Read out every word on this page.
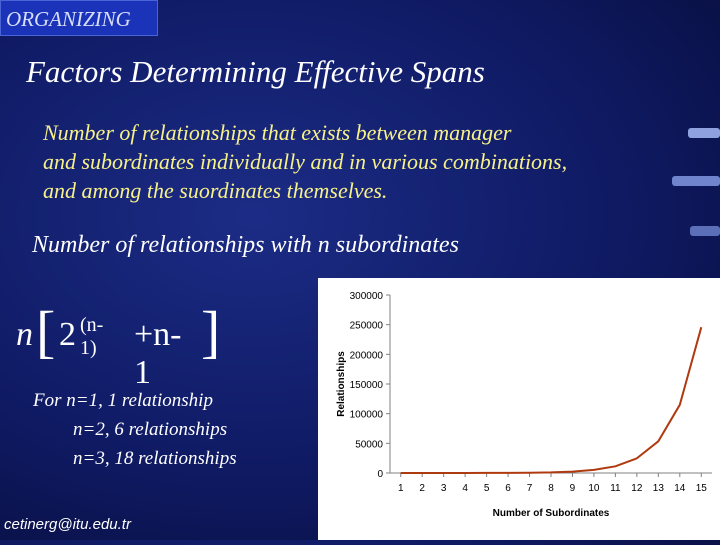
ORGANIZING
Factors Determining Effective Spans
Number of relationships that exists between manager
and subordinates individually and in various combinations,
and among the suordinates themselves.
Number of relationships with n subordinates
n [ 2 (n-1) +n-1
]
For n=1, 1 relationship
n=2, 6 relationships
n=3, 18 relationships
cetinerg@itu.edu.tr
0
50000
100000
150000
200000
250000
300000
1 2 3 4 5 6 7 8 9 10 11 12 13 14 15
Number of Subordinates
Relationships
